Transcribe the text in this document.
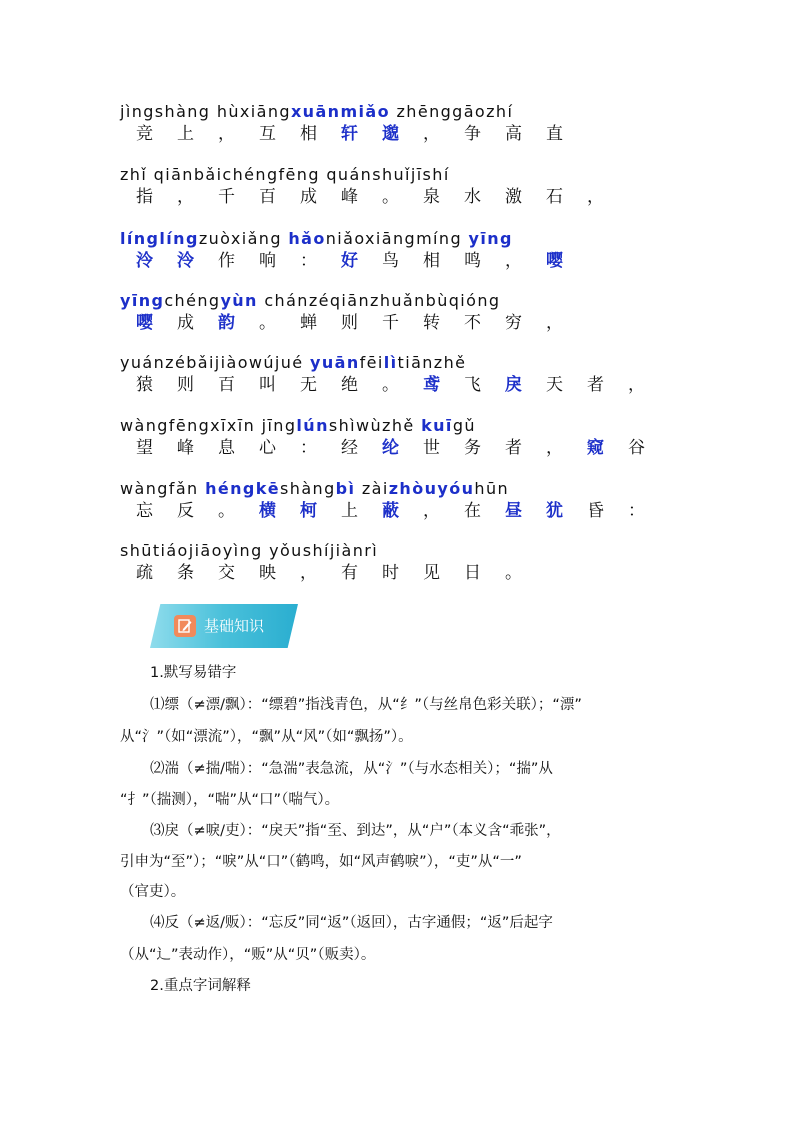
jìngshàng hùxiāngxuānmiǎo zhēnggāozhí
竞 上 ， 互 相 轩 邈 ， 争 高 直
zhǐ qiānbǎichéngfēng quánshuǐjīshí
指 ， 千 百 成 峰 。 泉 水 激 石 ，
línglíngzuòxiǎng hǎoniǎoxiāngmíng yīng
泠 泠 作 响 ： 好 鸟 相 鸣 ， 嘤
yīngchéngyùn chánzéqiānzhuǎnbùqióng
嘤 成 韵 。 蝉 则 千 转 不 穷 ，
yuánzébǎijiàowújué yuānfēilìtiānzhě
猿 则 百 叫 无 绝 。 鸢 飞 戾 天 者 ，
wàngfēngxīxīn jīnglúnshìwùzhě kuīgǔ
望 峰 息 心 ： 经 纶 世 务 者 ， 窥 谷
wàngfǎn héngkēshàngbì zàizhòuyóuhūn
忘 反 。 横 柯 上 蔽 ， 在 昼 犹 昏 ：
shūtiáojiāoyìng yǒushíjiànrì
疏 条 交 映 ， 有 时 见 日 。
基础知识
1.默写易错字
⑴缥（≠漂/飘）：“缥碧”指浅青色，从“纟”（与丝帛色彩关联）；“漂”
从“氵”（如“漂流”），“飘”从“风”（如“飘扬”）。
⑵湍（≠揣/喘）：“急湍”表急流，从“氵”（与水态相关）；“揣”从
“扌”（揣测），“喘”从“口”（喘气）。
⑶戾（≠唳/吏）：“戾天”指“至、到达”，从“户”（本义含“乖张”，
引申为“至”）；“唳”从“口”（鹤鸣，如“风声鹤唳”），“吏”从“一”
（官吏）。
⑷反（≠返/贩）：“忘反”同“返”（返回），古字通假；“返”后起字
（从“辶”表动作），“贩”从“贝”（贩卖）。
2.重点字词解释
